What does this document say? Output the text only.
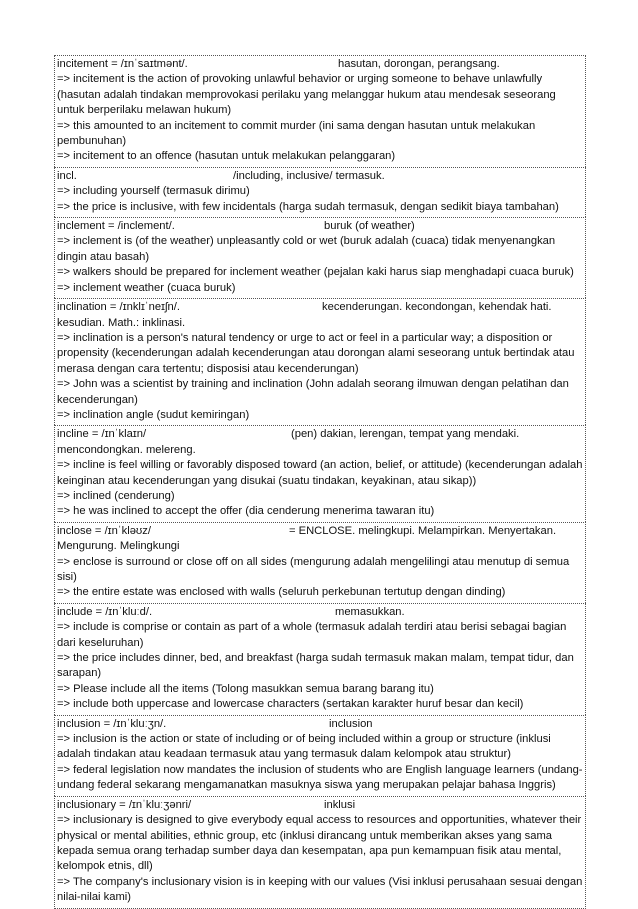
incitement = /ɪnˈsaɪtmənt/.	hasutan, dorongan, perangsang.
=> incitement is the action of provoking unlawful behavior or urging someone to behave unlawfully (hasutan adalah tindakan memprovokasi perilaku yang melanggar hukum atau mendesak seseorang untuk berperilaku melawan hukum)
=> this amounted to an incitement to commit murder (ini sama dengan hasutan untuk melakukan pembunuhan)
=> incitement to an offence (hasutan untuk melakukan pelanggaran)
incl.	/including, inclusive/ termasuk.
=> including yourself (termasuk dirimu)
=> the price is inclusive, with few incidentals (harga sudah termasuk, dengan sedikit biaya tambahan)
inclement = /inclement/.	buruk (of weather)
=> inclement is (of the weather) unpleasantly cold or wet (buruk adalah (cuaca) tidak menyenangkan dingin atau basah)
=> walkers should be prepared for inclement weather (pejalan kaki harus siap menghadapi cuaca buruk)
=> inclement weather (cuaca buruk)
inclination = /ɪnklɪˈneɪʃn/.	kecenderungan. kecondongan, kehendak hati.
kesudian. Math.: inklinasi.
=> inclination is a person's natural tendency or urge to act or feel in a particular way; a disposition or propensity (kecenderungan adalah kecenderungan atau dorongan alami seseorang untuk bertindak atau merasa dengan cara tertentu; disposisi atau kecenderungan)
=> John was a scientist by training and inclination (John adalah seorang ilmuwan dengan pelatihan dan kecenderungan)
=> inclination angle (sudut kemiringan)
incline = /ɪnˈklaɪn/	(pen) dakian, lerengan, tempat yang mendaki.
mencondongkan. melereng.
=> incline is feel willing or favorably disposed toward (an action, belief, or attitude) (kecenderungan adalah keinginan atau kecenderungan yang disukai (suatu tindakan, keyakinan, atau sikap))
=> inclined (cenderung)
=> he was inclined to accept the offer (dia cenderung menerima tawaran itu)
inclose = /ɪnˈkləʊz/	= ENCLOSE. melingkupi. Melampirkan. Menyertakan.
Mengurung. Melingkungi
=> enclose is surround or close off on all sides (mengurung adalah mengelilingi atau menutup di semua sisi)
=> the entire estate was enclosed with walls (seluruh perkebunan tertutup dengan dinding)
include = /ɪnˈkluːd/.	memasukkan.
=> include is comprise or contain as part of a whole (termasuk adalah terdiri atau berisi sebagai bagian dari keseluruhan)
=> the price includes dinner, bed, and breakfast (harga sudah termasuk makan malam, tempat tidur, dan sarapan)
=> Please include all the items (Tolong masukkan semua barang barang itu)
=> include both uppercase and lowercase characters (sertakan karakter huruf besar dan kecil)
inclusion = /ɪnˈkluːʒn/.	inclusion
=> inclusion is the action or state of including or of being included within a group or structure (inklusi adalah tindakan atau keadaan termasuk atau yang termasuk dalam kelompok atau struktur)
=> federal legislation now mandates the inclusion of students who are English language learners (undang-undang federal sekarang mengamanatkan masuknya siswa yang merupakan pelajar bahasa Inggris)
inclusionary = /ɪnˈkluːʒənri/	inklusi
=> inclusionary is designed to give everybody equal access to resources and opportunities, whatever their physical or mental abilities, ethnic group, etc (inklusi dirancang untuk memberikan akses yang sama kepada semua orang terhadap sumber daya dan kesempatan, apa pun kemampuan fisik atau mental, kelompok etnis, dll)
=> The company's inclusionary vision is in keeping with our values (Visi inklusi perusahaan sesuai dengan nilai-nilai kami)
